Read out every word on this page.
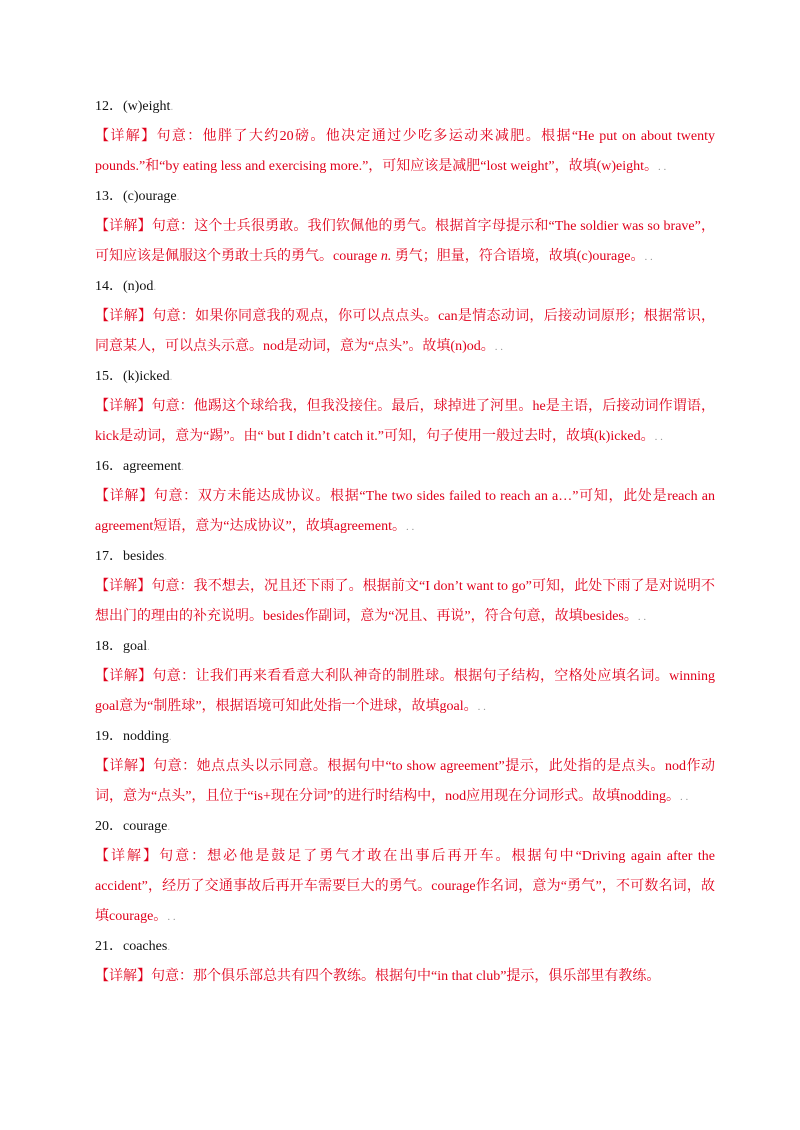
12．(w)eight.

【详解】句意：他胖了大约20磅。他决定通过少吃多运动来减肥。根据“He put on about twenty pounds.”和“by eating less and exercising more.”，可知应该是减肥“lost weight”，故填(w)eight。. .

13．(c)ourage.

【详解】句意：这个士兵很勇敢。我们钦佩他的勇气。根据首字母提示和“The soldier was so brave”，可知应该是佩服这个勇敢士兵的勇气。courage n. 勇气；胆量，符合语境，故填(c)ourage。. .

14．(n)od.

【详解】句意：如果你同意我的观点，你可以点点头。can是情态动词，后接动词原形；根据常识，同意某人，可以点头示意。nod是动词，意为“点头”。故填(n)od。. .

15．(k)icked.

【详解】句意：他踢这个球给我，但我没接住。最后，球掉进了河里。he是主语，后接动词作谓语，kick是动词，意为“踢”。由“ but I didn’t catch it.”可知，句子使用一般过去时，故填(k)icked。. .

16．agreement.

【详解】句意：双方未能达成协议。根据“The two sides failed to reach an a…”可知，此处是reach an agreement短语，意为“达成协议”，故填agreement。. .

17．besides.

【详解】句意：我不想去，况且还下雨了。根据前文“I don’t want to go”可知，此处下雨了是对说明不想出门的理由的补充说明。besides作副词，意为“况且、再说”，符合句意，故填besides。. .

18．goal.

【详解】句意：让我们再来看看意大利队神奇的制胜球。根据句子结构，空格处应填名词。winning goal意为“制胜球”，根据语境可知此处指一个进球，故填goal。. .

19．nodding.

【详解】句意：她点点头以示同意。根据句中“to show agreement”提示，此处指的是点头。nod作动词，意为“点头”，且位于“is+现在分词”的进行时结构中，nod应用现在分词形式。故填nodding。. .

20．courage.

【详解】句意：想必他是鼓足了勇气才敢在出事后再开车。根据句中“Driving again after the accident”，经历了交通事故后再开车需要巨大的勇气。courage作名词，意为“勇气”，不可数名词，故填courage。. .

21．coaches.

【详解】句意：那个俱乐部总共有四个教练。根据句中“in that club”提示，俱乐部里有教练。
